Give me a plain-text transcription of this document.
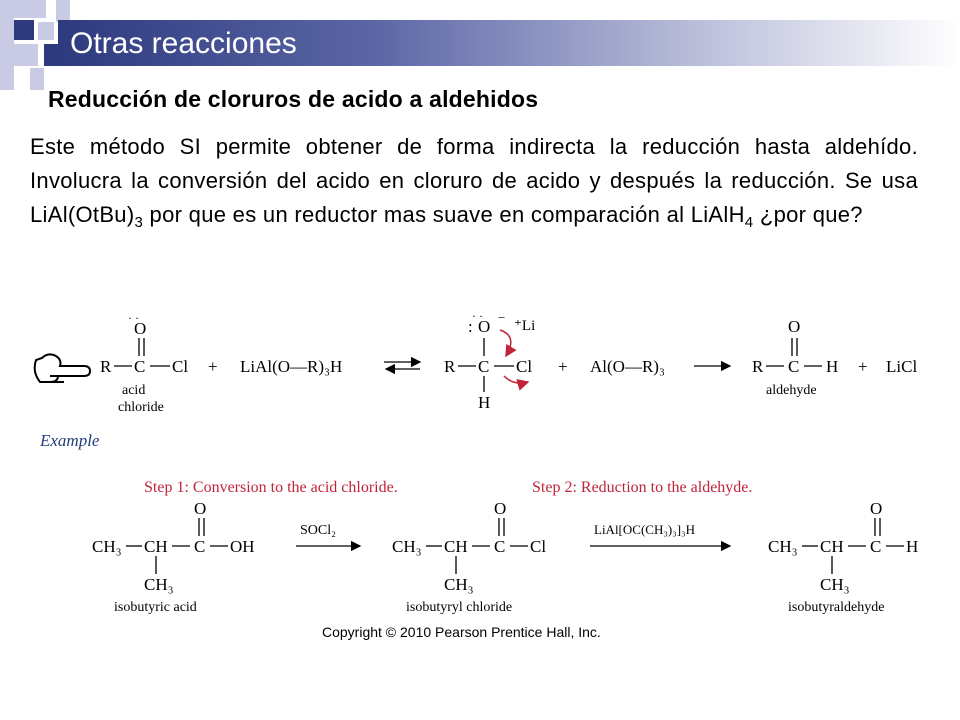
Otras reacciones
Reducción de cloruros de acido a aldehidos
Este método SI permite obtener de forma indirecta la reducción hasta aldehído. Involucra la conversión del acido en cloruro de acido y después la reducción. Se usa $LiAl(OtBu)_3$ por que es un reductor mas suave en comparación al LiAlH$_4$ ¿por que?
O
· ·
R C Cl
acid
chloride
+ LiAl(O—R)₃H
O
· ·
: −
⁺Li
R C Cl
H
+ Al(O—R)₃
O
R C H
aldehyde
+ LiCl
Example
Step 1: Conversion to the acid chloride.	Step 2: Reduction to the aldehyde.
CH₃ CH C
O
OH
CH₃
isobutyric acid
SOCl₂
CH₃ CH C
O
Cl
CH₃
isobutyryl chloride
LiAl[OC(CH₃)₃]₃H
CH₃ CH C
O
H
CH₃
isobutyraldehyde
Copyright © 2010 Pearson Prentice Hall, Inc.
